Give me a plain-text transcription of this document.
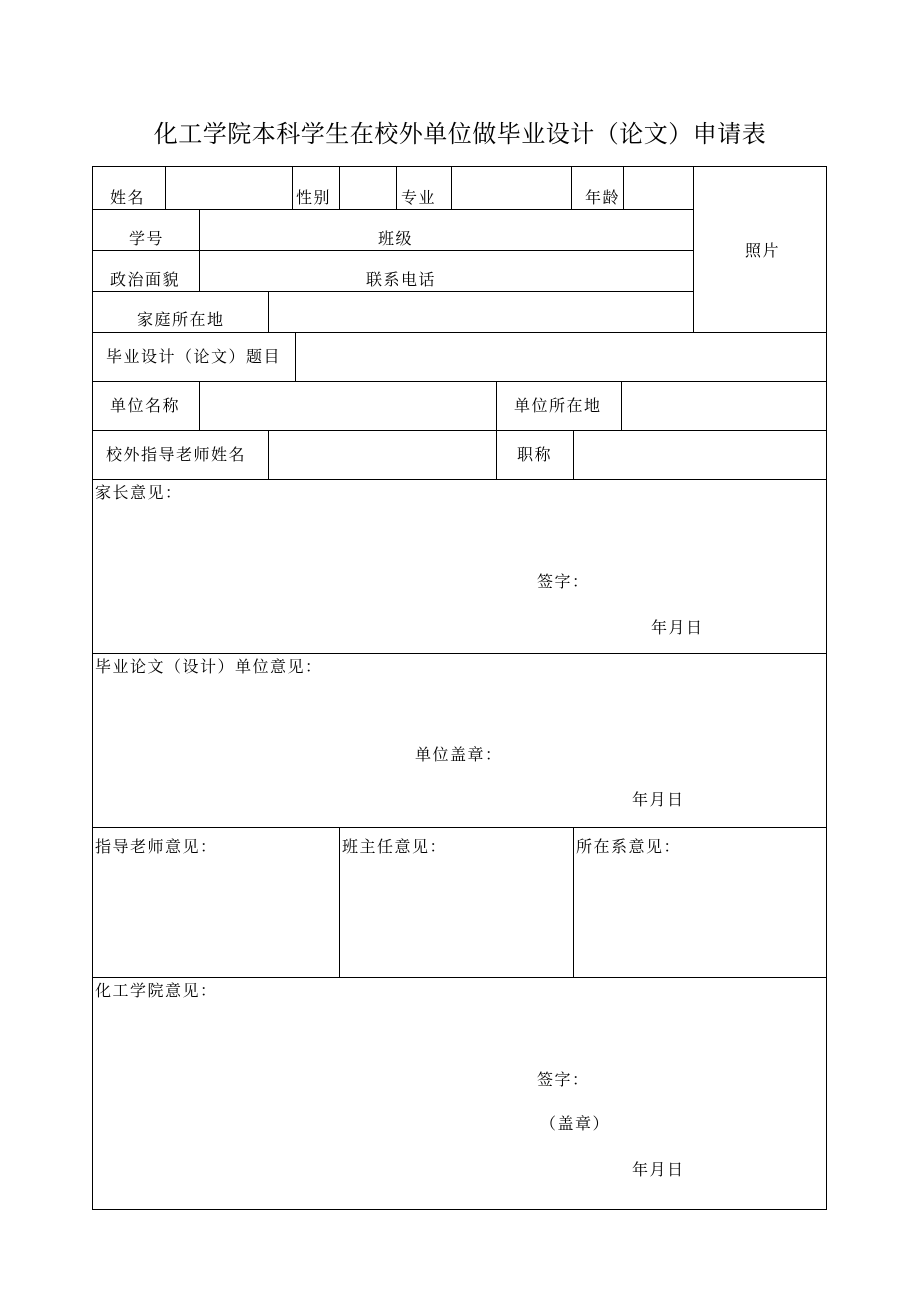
化工学院本科学生在校外单位做毕业设计（论文）申请表
姓名	性别	专业	年龄
照片
学号	班级
政治面貌	联系电话
家庭所在地
毕业设计（论文）题目
单位名称	单位所在地
校外指导老师姓名	职称
家长意见：
签字：
年月日
毕业论文（设计）单位意见：
单位盖章：
年月日
指导老师意见：	班主任意见：	所在系意见：
化工学院意见：
签字：
（盖章）
年月日
